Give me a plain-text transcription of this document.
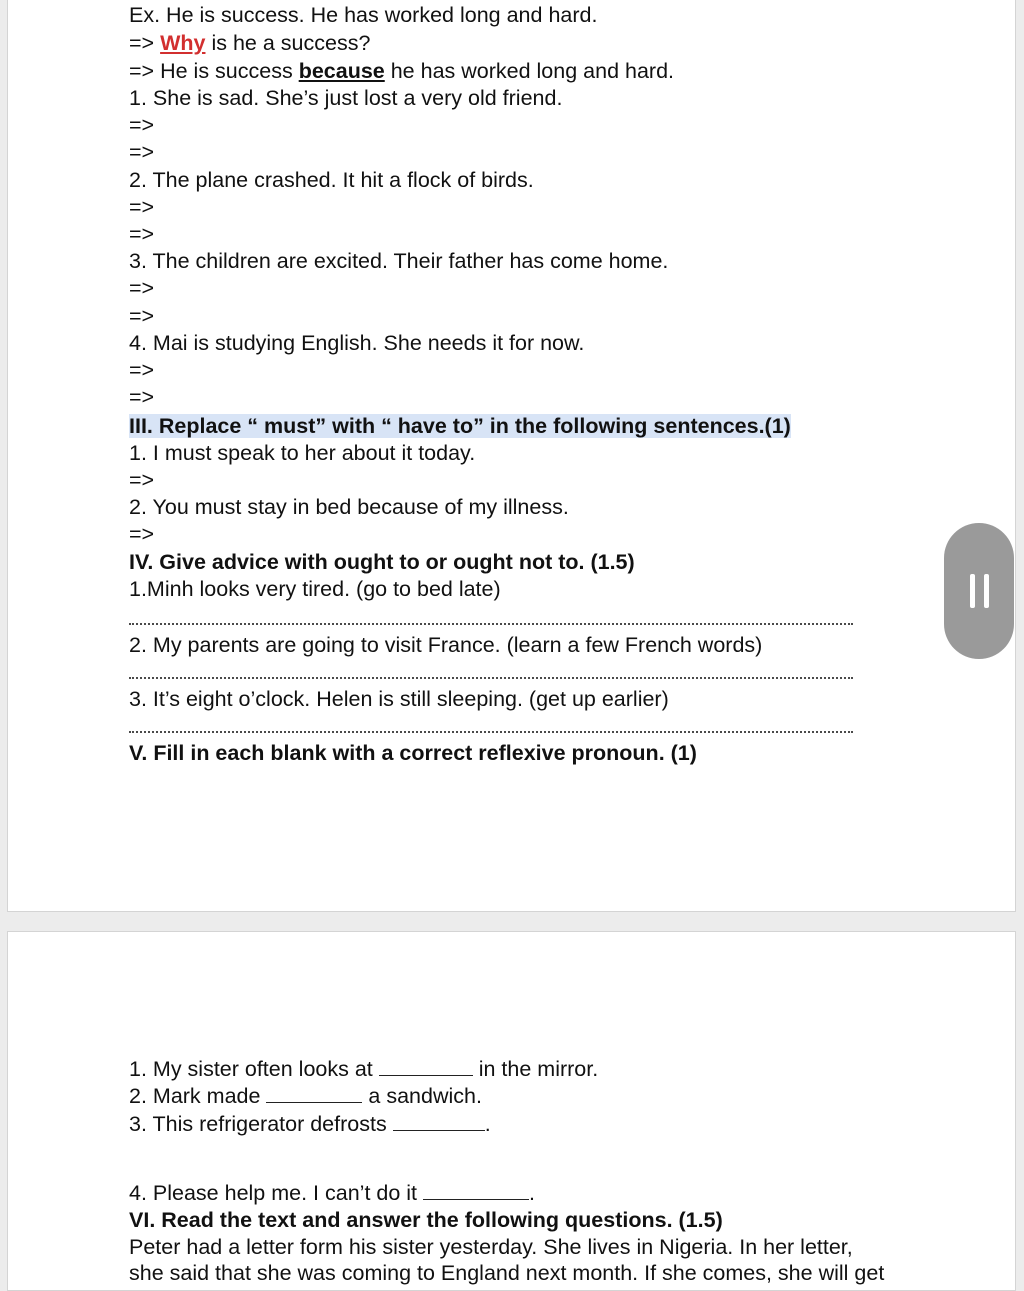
Ex. He is success. He has worked long and hard.

=> Why is he a success?

=> He is success because he has worked long and hard.

1. She is sad. She’s just lost a very old friend.

=>

=>

2. The plane crashed. It hit a flock of birds.

=>

=>

3. The children are excited. Their father has come home.

=>

=>

4. Mai is studying English. She needs it for now.

=>

=>

III. Replace “ must” with “ have to” in the following sentences.(1)

1. I must speak to her about it today.

=>

2. You must stay in bed because of my illness.

=>

IV. Give advice with ought to or ought not to. (1.5)

1.Minh looks very tired. (go to bed late)

2. My parents are going to visit France. (learn a few French words)

3. It’s eight o’clock. Helen is still sleeping. (get up earlier)

V. Fill in each blank with a correct reflexive pronoun. (1)

1. My sister often looks at	in the mirror.

2. Mark made	a sandwich.

3. This refrigerator defrosts	.

4. Please help me. I can’t do it	.

VI. Read the text and answer the following questions. (1.5)

Peter had a letter form his sister yesterday. She lives in Nigeria. In her letter,

she said that she was coming to England next month. If she comes, she will get
